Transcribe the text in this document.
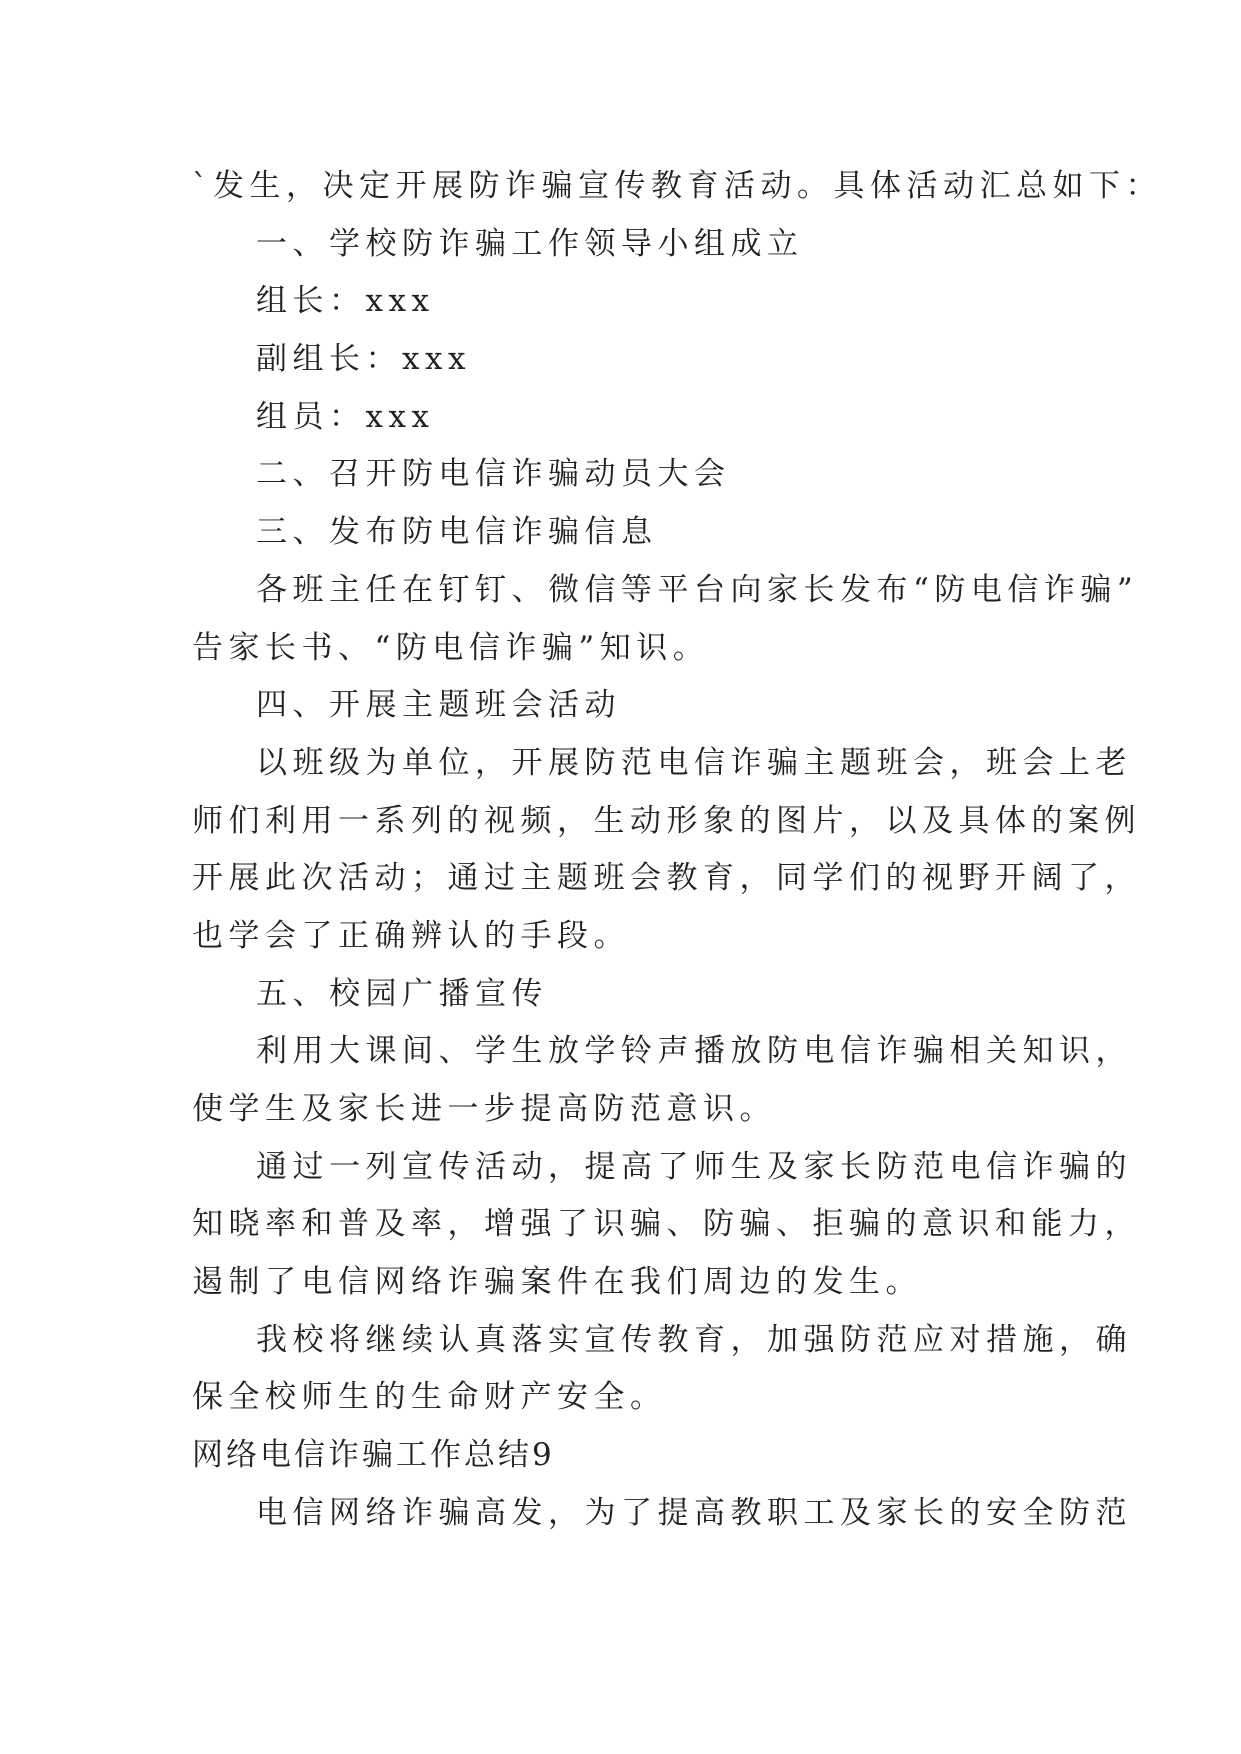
`发生，决定开展防诈骗宣传教育活动。具体活动汇总如下：
一、学校防诈骗工作领导小组成立
组长：xxx
副组长：xxx
组员：xxx
二、召开防电信诈骗动员大会
三、发布防电信诈骗信息
各班主任在钉钉、微信等平台向家长发布“防电信诈骗”
告家长书、“防电信诈骗”知识。
四、开展主题班会活动
以班级为单位，开展防范电信诈骗主题班会，班会上老
师们利用一系列的视频，生动形象的图片，以及具体的案例
开展此次活动；通过主题班会教育，同学们的视野开阔了，
也学会了正确辨认的手段。
五、校园广播宣传
利用大课间、学生放学铃声播放防电信诈骗相关知识，
使学生及家长进一步提高防范意识。
通过一列宣传活动，提高了师生及家长防范电信诈骗的
知晓率和普及率，增强了识骗、防骗、拒骗的意识和能力，
遏制了电信网络诈骗案件在我们周边的发生。
我校将继续认真落实宣传教育，加强防范应对措施，确
保全校师生的生命财产安全。
网络电信诈骗工作总结9
电信网络诈骗高发，为了提高教职工及家长的安全防范
